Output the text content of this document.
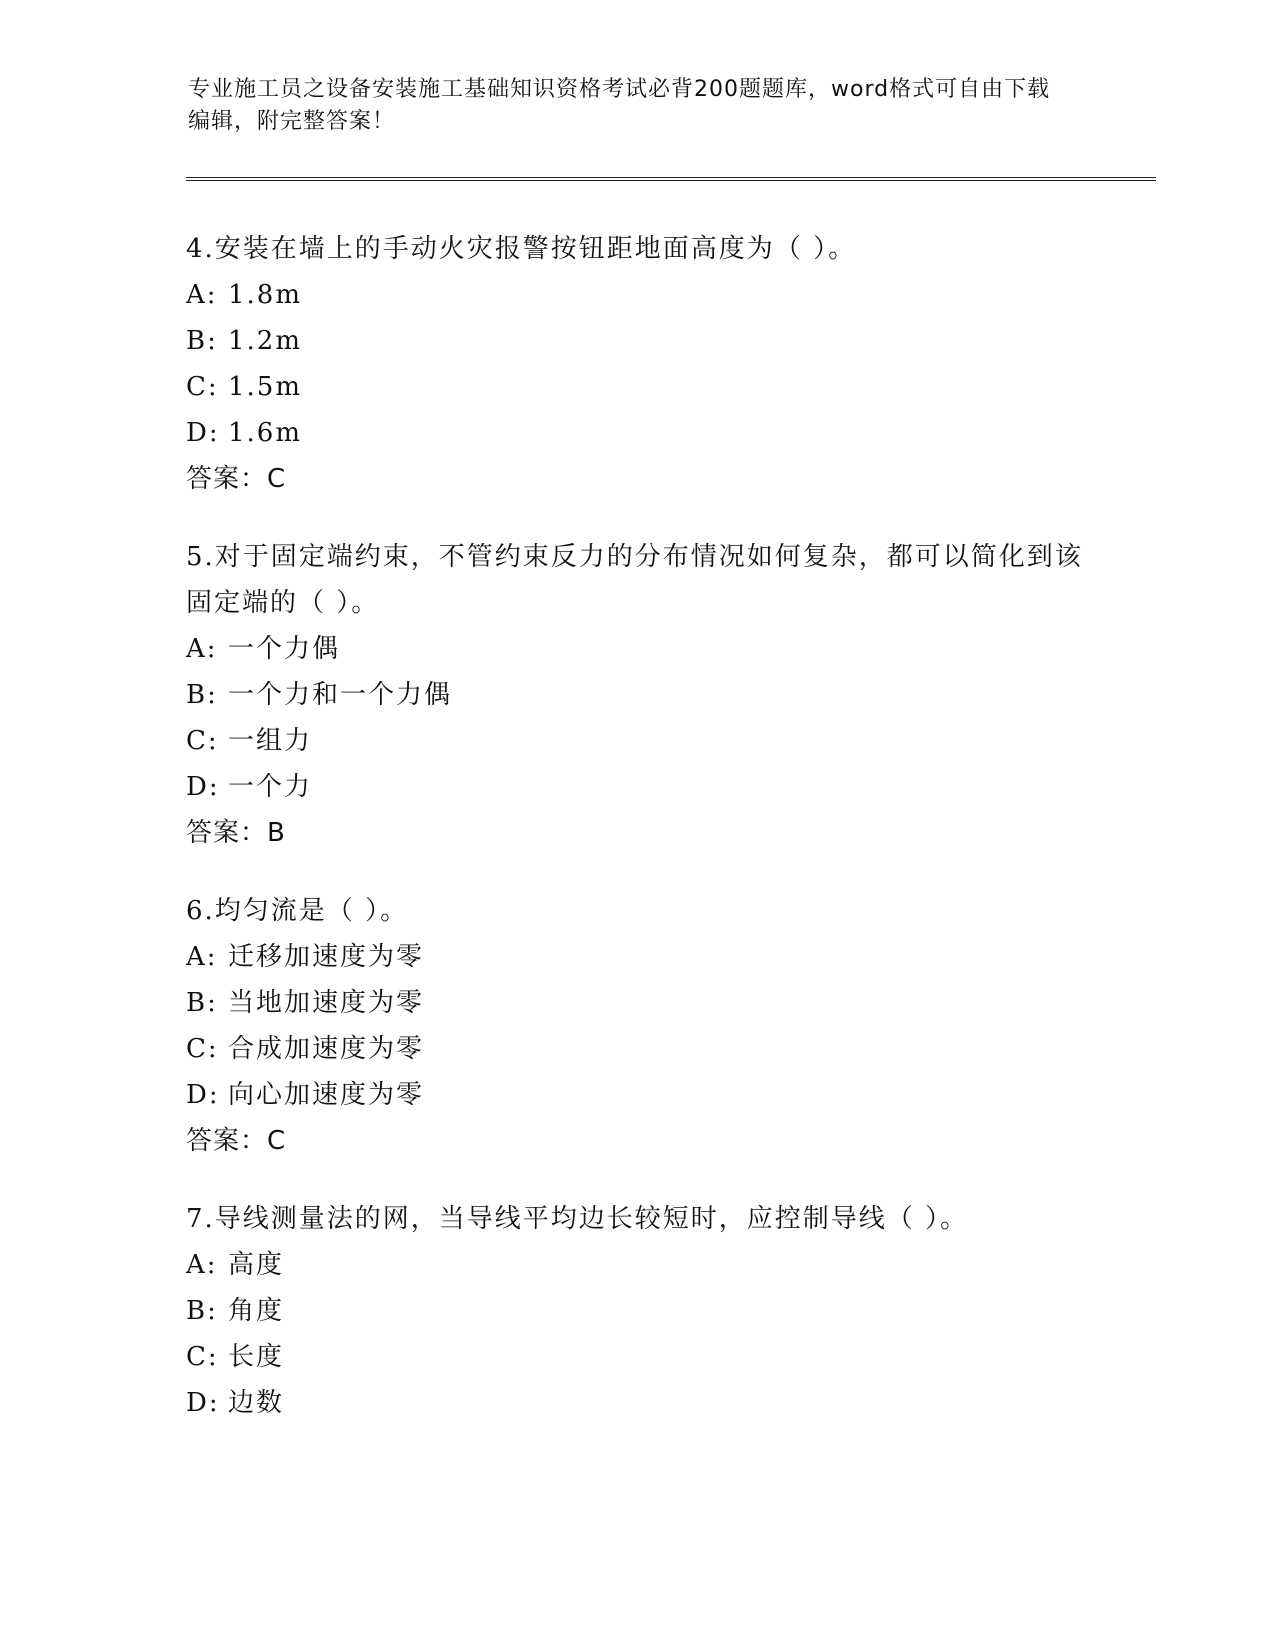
专业施工员之设备安装施工基础知识资格考试必背200题题库，word格式可自由下载编辑，附完整答案！
4.安装在墙上的手动火灾报警按钮距地面高度为（ ）。
A: 1.8m
B: 1.2m
C: 1.5m
D: 1.6m
答案：C
5.对于固定端约束，不管约束反力的分布情况如何复杂，都可以简化到该固定端的（ ）。
A: 一个力偶
B: 一个力和一个力偶
C: 一组力
D: 一个力
答案：B
6.均匀流是（ ）。
A: 迁移加速度为零
B: 当地加速度为零
C: 合成加速度为零
D: 向心加速度为零
答案：C
7.导线测量法的网，当导线平均边长较短时，应控制导线（ ）。
A: 高度
B: 角度
C: 长度
D: 边数
